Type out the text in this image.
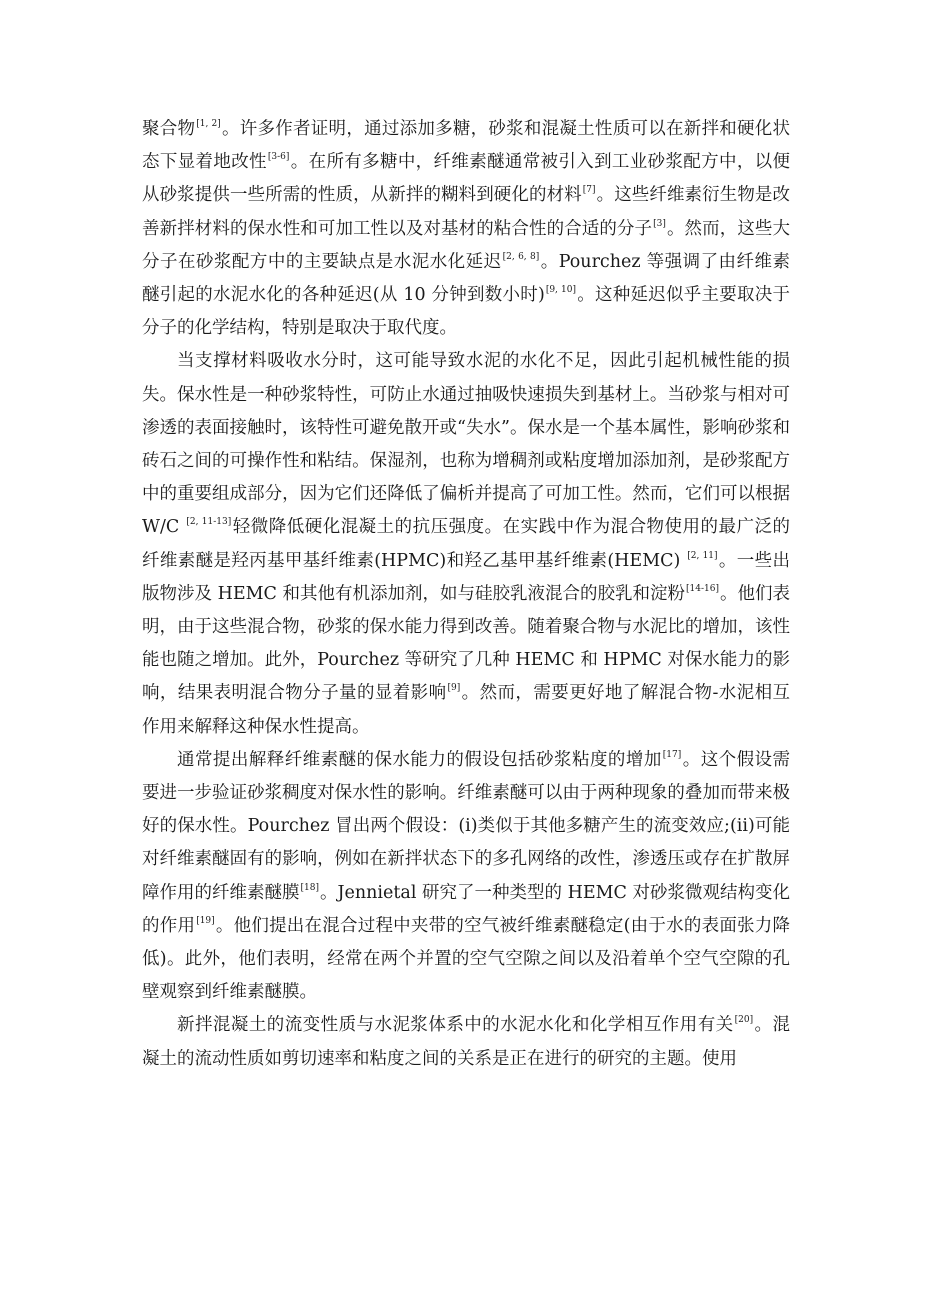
聚合物[1, 2]。许多作者证明，通过添加多糖，砂浆和混凝土性质可以在新拌和硬化状态下显着地改性[3-6]。在所有多糖中，纤维素醚通常被引入到工业砂浆配方中，以便从砂浆提供一些所需的性质，从新拌的糊料到硬化的材料[7]。这些纤维素衍生物是改善新拌材料的保水性和可加工性以及对基材的粘合性的合适的分子[3]。然而，这些大分子在砂浆配方中的主要缺点是水泥水化延迟[2, 6, 8]。Pourchez 等强调了由纤维素醚引起的水泥水化的各种延迟(从 10 分钟到数小时)[9, 10]。这种延迟似乎主要取决于分子的化学结构，特别是取决于取代度。

当支撑材料吸收水分时，这可能导致水泥的水化不足，因此引起机械性能的损失。保水性是一种砂浆特性，可防止水通过抽吸快速损失到基材上。当砂浆与相对可渗透的表面接触时，该特性可避免散开或“失水”。保水是一个基本属性，影响砂浆和砖石之间的可操作性和粘结。保湿剂，也称为增稠剂或粘度增加添加剂，是砂浆配方中的重要组成部分，因为它们还降低了偏析并提高了可加工性。然而，它们可以根据 W/C [2, 11-13]轻微降低硬化混凝土的抗压强度。在实践中作为混合物使用的最广泛的纤维素醚是羟丙基甲基纤维素(HPMC)和羟乙基甲基纤维素(HEMC) [2, 11]。一些出版物涉及 HEMC 和其他有机添加剂，如与硅胶乳液混合的胶乳和淀粉[14-16]。他们表明，由于这些混合物，砂浆的保水能力得到改善。随着聚合物与水泥比的增加，该性能也随之增加。此外，Pourchez 等研究了几种 HEMC 和 HPMC 对保水能力的影响，结果表明混合物分子量的显着影响[9]。然而，需要更好地了解混合物-水泥相互作用来解释这种保水性提高。

通常提出解释纤维素醚的保水能力的假设包括砂浆粘度的增加[17]。这个假设需要进一步验证砂浆稠度对保水性的影响。纤维素醚可以由于两种现象的叠加而带来极好的保水性。Pourchez 冒出两个假设：(i)类似于其他多糖产生的流变效应;(ii)可能对纤维素醚固有的影响，例如在新拌状态下的多孔网络的改性，渗透压或存在扩散屏障作用的纤维素醚膜[18]。Jennietal 研究了一种类型的 HEMC 对砂浆微观结构变化的作用[19]。他们提出在混合过程中夹带的空气被纤维素醚稳定(由于水的表面张力降低)。此外，他们表明，经常在两个并置的空气空隙之间以及沿着单个空气空隙的孔壁观察到纤维素醚膜。

新拌混凝土的流变性质与水泥浆体系中的水泥水化和化学相互作用有关[20]。混凝土的流动性质如剪切速率和粘度之间的关系是正在进行的研究的主题。使用
